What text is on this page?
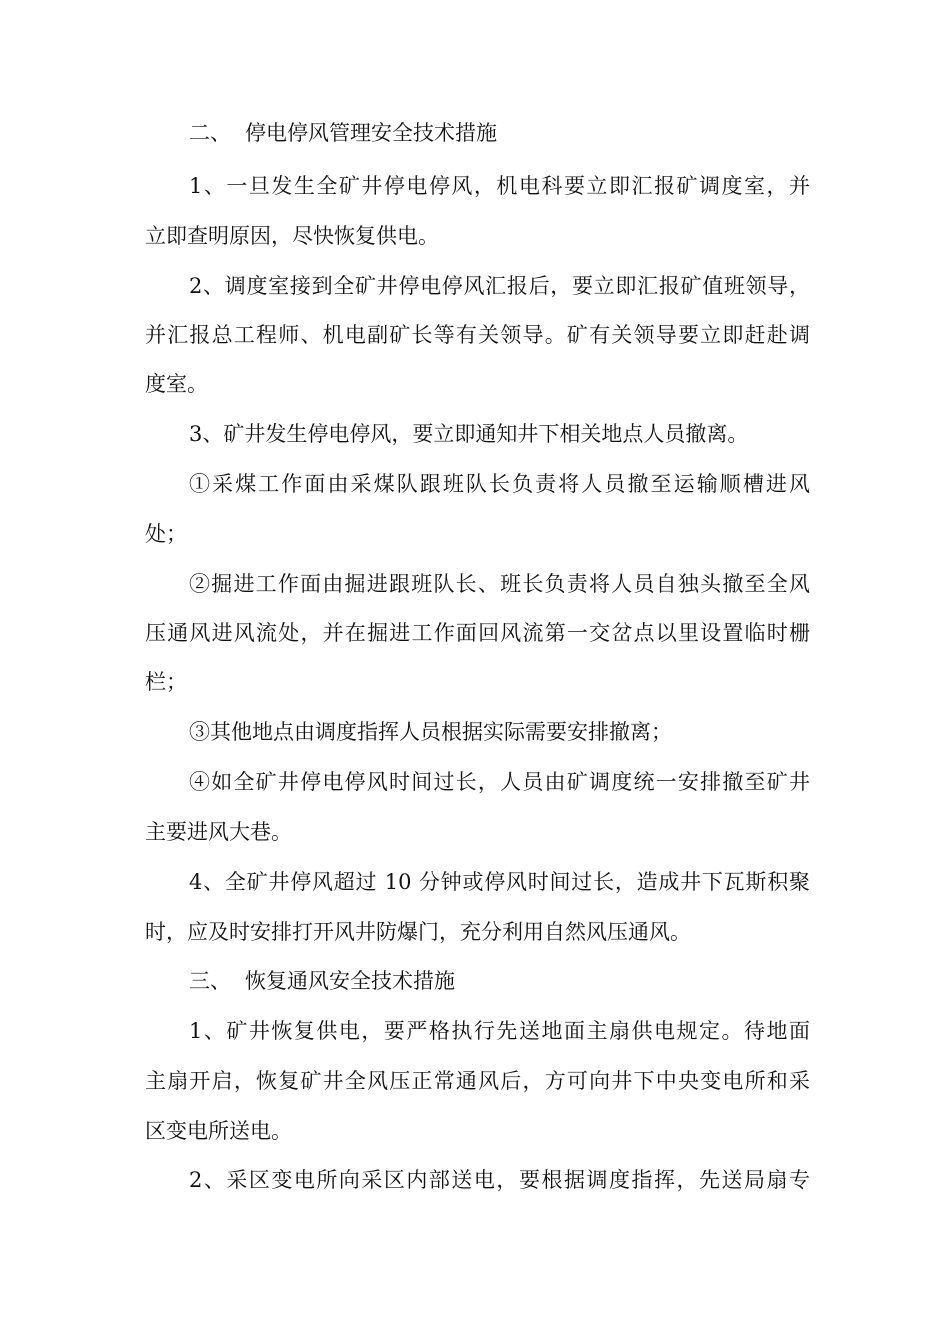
二、 停电停风管理安全技术措施

1、一旦发生全矿井停电停风，机电科要立即汇报矿调度室，并

立即查明原因，尽快恢复供电。

2、调度室接到全矿井停电停风汇报后，要立即汇报矿值班领导，

并汇报总工程师、机电副矿长等有关领导。矿有关领导要立即赶赴调

度室。

3、矿井发生停电停风，要立即通知井下相关地点人员撤离。

①采煤工作面由采煤队跟班队长负责将人员撤至运输顺槽进风

处；

②掘进工作面由掘进跟班队长、班长负责将人员自独头撤至全风

压通风进风流处，并在掘进工作面回风流第一交岔点以里设置临时栅

栏；

③其他地点由调度指挥人员根据实际需要安排撤离；

④如全矿井停电停风时间过长，人员由矿调度统一安排撤至矿井

主要进风大巷。

4、全矿井停风超过 10 分钟或停风时间过长，造成井下瓦斯积聚

时，应及时安排打开风井防爆门，充分利用自然风压通风。

三、 恢复通风安全技术措施

1、矿井恢复供电，要严格执行先送地面主扇供电规定。待地面

主扇开启，恢复矿井全风压正常通风后，方可向井下中央变电所和采

区变电所送电。

2、采区变电所向采区内部送电，要根据调度指挥，先送局扇专
